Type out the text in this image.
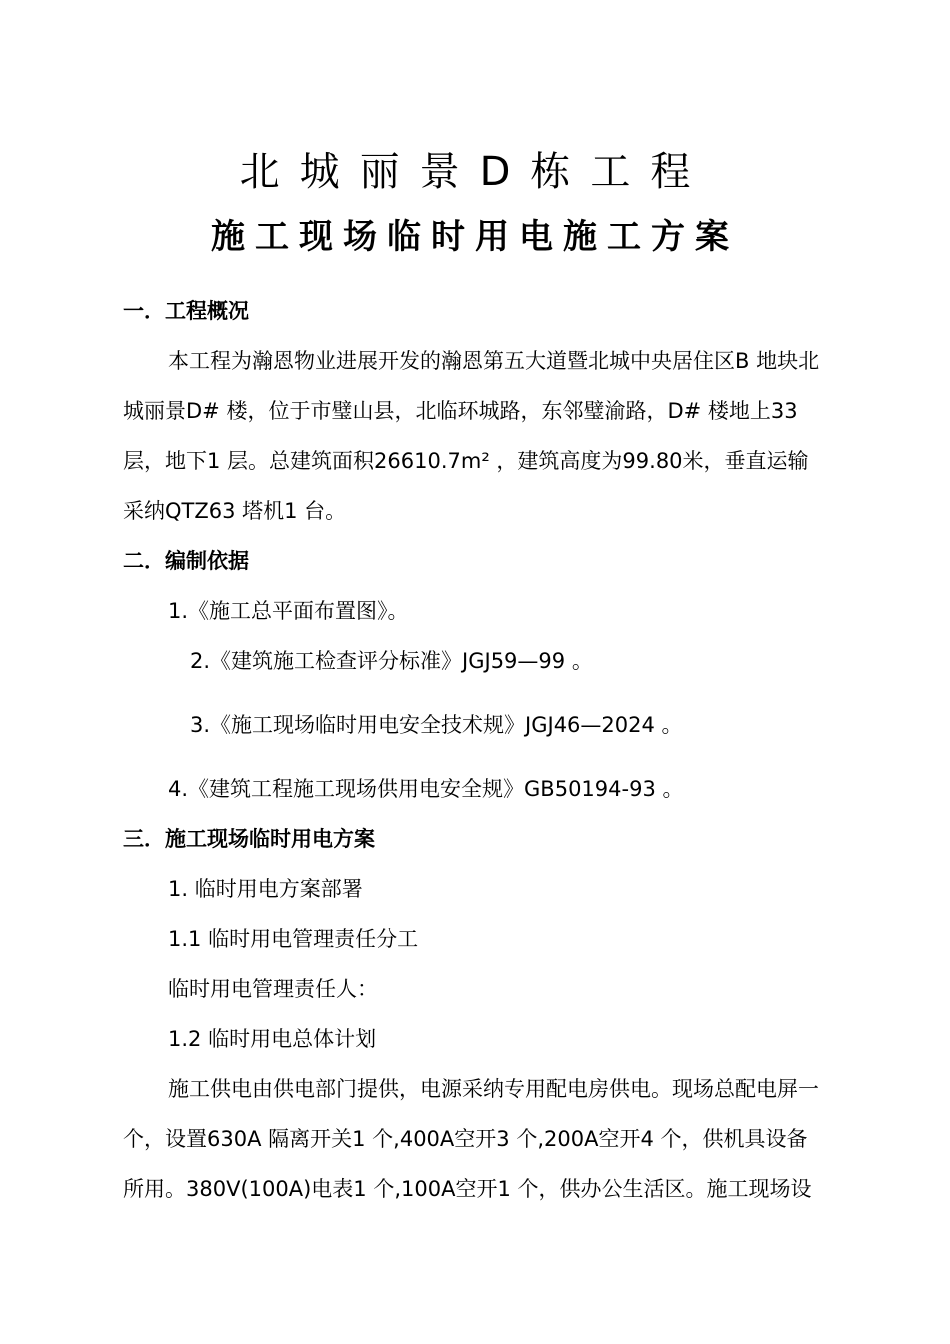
北城丽景D栋工程
施工现场临时用电施工方案
一．工程概况
本工程为瀚恩物业进展开发的瀚恩第五大道暨北城中央居住区B 地块北
城丽景D# 楼，位于市璧山县，北临环城路，东邻璧渝路，D# 楼地上33
层，地下1 层。总建筑面积26610.7m² ，建筑高度为99.80米，垂直运输
采纳QTZ63 塔机1 台。
二．编制依据
1.《施工总平面布置图》。
2.《建筑施工检查评分标准》JGJ59—99 。
3.《施工现场临时用电安全技术规》JGJ46—2024 。
4.《建筑工程施工现场供用电安全规》GB50194-93 。
三．施工现场临时用电方案
1. 临时用电方案部署
1.1 临时用电管理责任分工
临时用电管理责任人：
1.2 临时用电总体计划
施工供电由供电部门提供，电源采纳专用配电房供电。现场总配电屏一
个，设置630A 隔离开关1 个,400A空开3 个,200A空开4 个，供机具设备
所用。380V(100A)电表1 个,100A空开1 个，供办公生活区。施工现场设
